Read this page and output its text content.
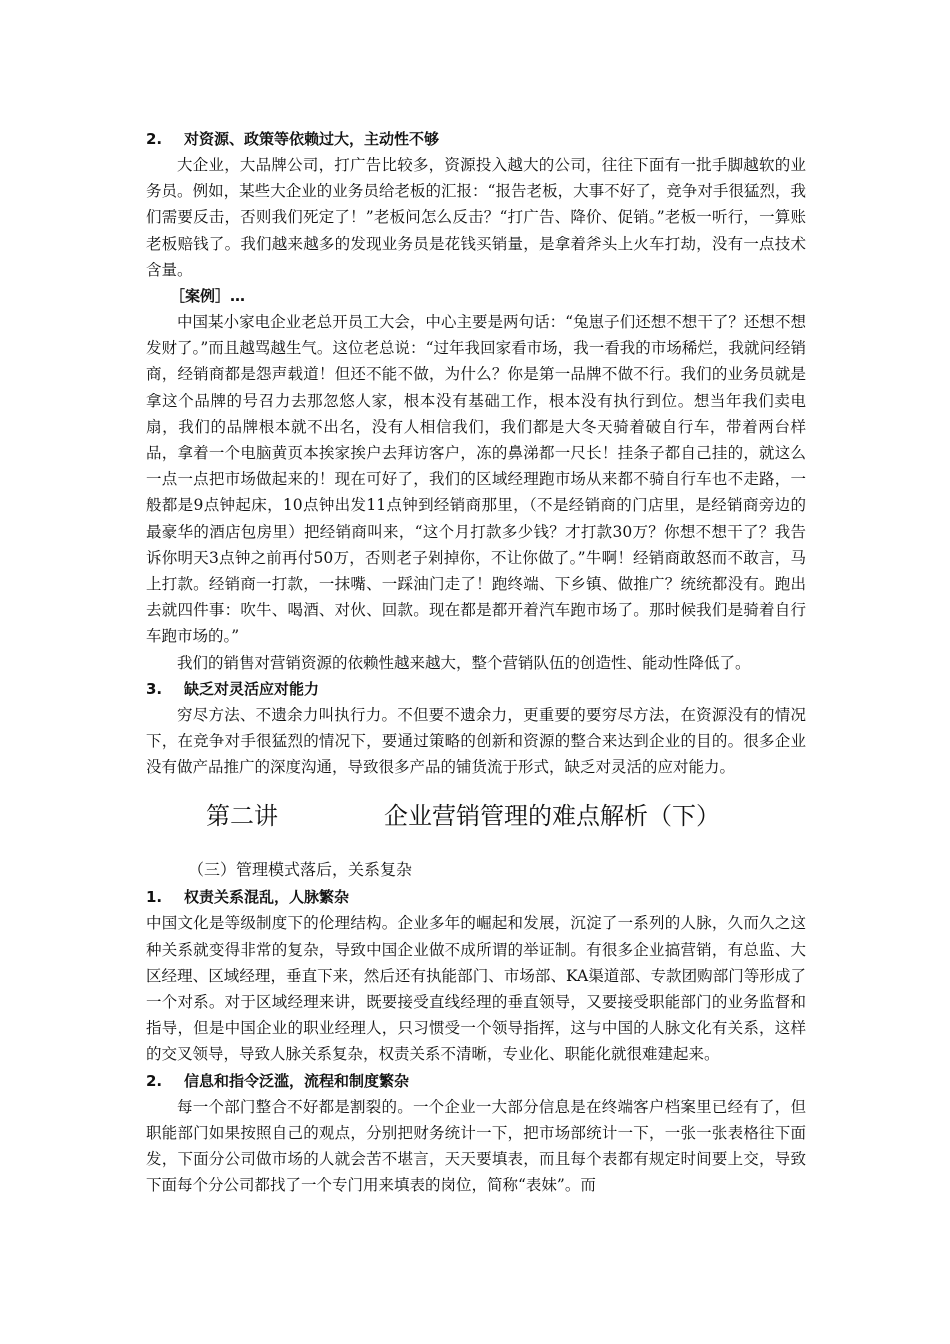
2. 对资源、政策等依赖过大，主动性不够

大企业，大品牌公司，打广告比较多，资源投入越大的公司，往往下面有一批手脚越软的业务员。例如，某些大企业的业务员给老板的汇报：“报告老板，大事不好了，竞争对手很猛烈，我们需要反击，否则我们死定了！”老板问怎么反击？“打广告、降价、促销。”老板一听行，一算账老板赔钱了。我们越来越多的发现业务员是花钱买销量，是拿着斧头上火车打劫，没有一点技术含量。

［案例］…

中国某小家电企业老总开员工大会，中心主要是两句话：“兔崽子们还想不想干了？还想不想发财了。”而且越骂越生气。这位老总说：“过年我回家看市场，我一看我的市场稀烂，我就问经销商，经销商都是怨声载道！但还不能不做，为什么？你是第一品牌不做不行。我们的业务员就是拿这个品牌的号召力去那忽悠人家，根本没有基础工作，根本没有执行到位。想当年我们卖电扇，我们的品牌根本就不出名，没有人相信我们，我们都是大冬天骑着破自行车，带着两台样品，拿着一个电脑黄页本挨家挨户去拜访客户，冻的鼻涕都一尺长！挂条子都自己挂的，就这么一点一点把市场做起来的！现在可好了，我们的区域经理跑市场从来都不骑自行车也不走路，一般都是9点钟起床，10点钟出发11点钟到经销商那里，（不是经销商的门店里，是经销商旁边的最豪华的酒店包房里）把经销商叫来，“这个月打款多少钱？才打款30万？你想不想干了？我告诉你明天3点钟之前再付50万，否则老子剁掉你，不让你做了。”牛啊！经销商敢怒而不敢言，马上打款。经销商一打款，一抹嘴、一踩油门走了！跑终端、下乡镇、做推广？统统都没有。跑出去就四件事：吹牛、喝酒、对伙、回款。现在都是都开着汽车跑市场了。那时候我们是骑着自行车跑市场的。”

我们的销售对营销资源的依赖性越来越大，整个营销队伍的创造性、能动性降低了。

3. 缺乏对灵活应对能力

穷尽方法、不遗余力叫执行力。不但要不遗余力，更重要的要穷尽方法，在资源没有的情况下，在竞争对手很猛烈的情况下，要通过策略的创新和资源的整合来达到企业的目的。很多企业没有做产品推广的深度沟通，导致很多产品的铺货流于形式，缺乏对灵活的应对能力。

第二讲	企业营销管理的难点解析（下）

（三）管理模式落后，关系复杂

1. 权责关系混乱，人脉繁杂

中国文化是等级制度下的伦理结构。企业多年的崛起和发展，沉淀了一系列的人脉，久而久之这种关系就变得非常的复杂，导致中国企业做不成所谓的举证制。有很多企业搞营销，有总监、大区经理、区域经理，垂直下来，然后还有执能部门、市场部、KA渠道部、专款团购部门等形成了一个对系。对于区域经理来讲，既要接受直线经理的垂直领导，又要接受职能部门的业务监督和指导，但是中国企业的职业经理人，只习惯受一个领导指挥，这与中国的人脉文化有关系，这样的交叉领导，导致人脉关系复杂，权责关系不清晰，专业化、职能化就很难建起来。

2. 信息和指令泛滥，流程和制度繁杂

每一个部门整合不好都是割裂的。一个企业一大部分信息是在终端客户档案里已经有了，但职能部门如果按照自己的观点，分别把财务统计一下，把市场部统计一下，一张一张表格往下面发，下面分公司做市场的人就会苦不堪言，天天要填表，而且每个表都有规定时间要上交，导致下面每个分公司都找了一个专门用来填表的岗位，简称“表妹”。而
